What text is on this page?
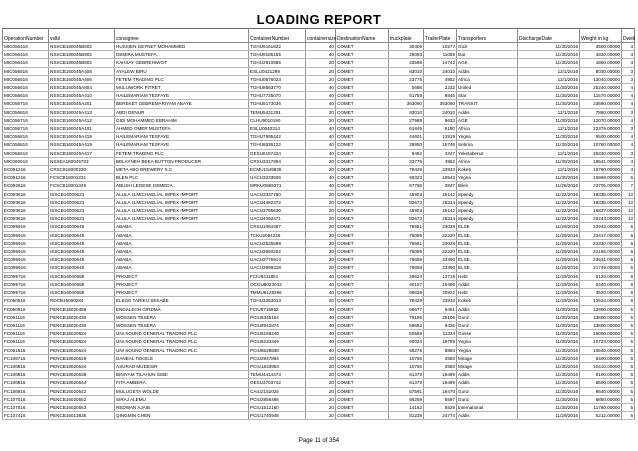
LOADING REPORT
OperationNumber	vslbl	consignee	ContainerNumber	containersize	DestinationName	truckplate	TrailerPlate	Transporters	DischargeDate	Weight in kg	Dwell
MIC056416	NSSCB160045B602	HUSSIEN GETNET MOHAMMED	TGHU6161822	40	COMET	30406	10277	Gozi	11/30/2016	4500.00000	4
MIC056416	NSSCB160045B902	DEMIRA MUSTEFA	TGHU9185155	40	COMET	26093	11055	Dar	11/30/2016	4830.00000	4
MIC056416	NSSCB160045B802	KAHSAY GEBREHIWOT	TGHU2910985	20	COMET	43598	14742	AGK	11/30/2016	1860.00000	4
MIC056516	NSSCB160045A408	AYALEW BIRU	ESLU0421299	20	COMET	83010	24010	Addis	12/1/2016	8030.00000	3
MIC056516	NSSCB160045A406	FETEM TRADING PLC	TGHU0676023	20	COMET	23776	4952	Africa	12/1/2016	13040.00000	3
MIC056616	NSSCB160045A804	MULUWORK FITRET	TGHU8683770	40	COMET	5668	2232	United	11/30/2016	25240.00000	4
MIC056616	NSSCB160045A410	HAILEMARIAM TESFAYE	TGHU7725070	40	COMET	61758	8845	Star	11/30/2016	11570.00000	4
MIC056716	NSSCB160045A201	BEREKET GEBREMARIYAM ABAYE	TGHU8173036	40	COMET	363060	363060	TRANSIT	11/30/2016	23690.00000	4
MIC056816	NSSCB160045A413	ABDI DENUR	TEMU5431201	20	COMET	83010	24010	Addis	12/1/2016	7880.00000	3
MIC056716	NSSCB160045A412	GIDI MOHAMMED EBRAHIM	CLHU9010190	20	COMET	27588	6633	AGE	11/30/2016	12070.00000	4
MIC056716	NSSCB160045A101	AHMED OMER MUSTEFA	ESLU0840314	40	COMET	61845	9150	Africa	12/1/2016	22379.00000	3
MIC056816	NSSCB160045A419	HAILEMARIAM TESFAYE	TGHU7695442	40	COMET	44601	13919	Yegna	11/30/2016	9500.00000	4
MIC056816	NSSCB160045A419	HAILEMARIAM TESFAYE	TGHU8036122	40	COMET	28950	15746	Sebrna	11/30/2016	10760.00000	4
MIC056616	NSSCB160045A417	FETEM TRADING PLC	GESU6157434	40	COMET	9452	4347	Yeketabenut	12/1/2016	25330.00000	3
MIC060516	NSSEA160045703	BELAYNEH BEKA BUTTON PRODUCER	CRXU3317894	20	COMET	23776	4952	Africa	11/30/2016	19541.00000	4
EC091216	CRSC816000230	META ABO BREWERY S.C	ECMU1549836	20	COMET	78429	23933	Kokeb	12/1/2016	18780.00000	4
EC091216	FCSCB16001231	BLEN PLC	UACU3233506	40	COMET	69323	15543	Yegna	11/30/2016	16968.00000	6
EC092616	FCSCB16001349	ABUSH LEGESE GEMEDA	MRKU0669371	40	COMET	67765	3947	Bilen	11/28/2016	23705.00000	7
EC093616	ISSCB16000623	ALULA G.MICHAEL/AL IMPEX IMPORT	UACU3337760	20	COMET	45903	15142	Speedy	11/22/2016	19335.00000	13
EC093616	ISSCB16000623	ALULA G.MICHAEL/AL IMPEX IMPORT	UACU4482372	20	COMET	82673	25314	Speedy	11/22/2016	19335.00000	13
EC093616	ISSCB16000623	ALULA G.MICHAEL/AL IMPEX IMPORT	UACU3795630	20	COMET	45903	15142	Speedy	11/22/2016	16827.00000	13
EC093616	ISSCB16000623	ALULA G.MICHAEL/AL IMPEX IMPORT	UACU4092471	20	COMET	82673	25314	Speedy	11/22/2016	20244.00000	13
EC095916	ISSCB16000645	ABABA,	CRSU1084487	20	COMET	76551	23028	ELSE	11/29/2016	22943.00000	6
EC095916	ISSCB16000645	ABABA,	TCKU2094226	20	COMET	75095	22230	ELSE	11/29/2016	23417.00000	6
EC095916	ISSCB16000645	ABABA,	UACU2525598	20	COMET	76551	23028	ELSE	11/29/2016	22330.00000	6
EC095916	ISSCB16000645	ABABA,	UACU3650202	20	COMET	75095	22230	ELSE	11/29/2016	22186.00000	6
EC095916	ISSCB16000645	ABABA,	UACU3775914	20	COMET	76658	23390	ELSE	11/29/2016	23531.00000	6
EC095916	ISSCB16000645	ABABA,	UACU3999318	20	COMET	76658	23390	ELSE	11/29/2016	21749.00000	6
EC095716	ISSCB16000658	PROJECT	FCIU9411851	40	COMET	28624	12718	Hebr	11/29/2016	5125.00000	6
EC095716	ISSCB16000658	PROJECT	OCGU8023043	40	COMET	40157	15496	Addis	11/29/2016	5440.00000	6
EC095716	ISSCB16000658	PROJECT	TMMU6128296	40	COMET	69638	20922	Hebr	11/29/2016	3520.00000	6
FC050516	RDCB16000284	ELEGE TARIKU SESABE	TGHU3353013	20	COMET	78429	23933	Kokeb	11/29/2016	13534.00000	6
FC050916	PENCB16020488	ENDALECH GIRDMA	FCIU8715652	40	COMET	60677	6451	Addis	11/30/2016	13900.00000	5
FC061116	PENCB16020430	WOSSEN TESERA	PCIU8345164	40	COMET	79195	25106	Gunz	11/30/2016	13800.00000	5
FC061116	PENCB16020430	WOSSEN TESERA	PCIU8942874	40	COMET	59682	9426	Gunz	11/30/2016	13800.00000	5
FC061116	PENCB16020624	UNI SOUND GENERAL TRADING PLC	PCIU8169240	40	COMET	50568	11324	Gosse	11/30/2016	15000.00000	5
FC061116	PENCB16020624	UNI SOUND GENERAL TRADING PLC	PCIU8233349	40	COMET	60024	19799	Yegna	11/30/2016	10724.00000	5
FC061516	PENCB16020624	UNI SOUND GENERAL TRADING PLC	PCIU8528838	40	COMET	58276	8893	Yegna	11/30/2016	10540.00000	5
FC106716	PENCB16020529	DANEAL TEKELE	PCIU2947884	20	COMET	10755	3583	Mirage	11/30/2016	8400.00000	5
FC106816	PENCB16020534	ASURAD MUDESIR	PCIU1833953	20	COMET	10755	3583	Mirage	11/30/2016	10410.00000	5
FC106816	PENCB16020538	BINIYAM TILAHUN GEBI	TEMU4414473	20	COMET	61379	18499	Addis	11/30/2016	8100.00000	5
FC106816	PENCB16020544	FITA AMBERA	GESU3703742	20	COMET	61379	18499	Addis	11/30/2016	8500.00000	5
FC106916	PENCB16020542	MULUGETA WOLDE	CAIU2152025	20	COMET	57591	18470	Gunz	11/30/2016	8640.00000	5
FC107016	PENCB16020552	SIRAJ ALEMU	PCIU2856486	20	COMET	66259	5597	Gunz	11/30/2016	6850.00000	5
FC107016	PENCB16020553	REDWAN AJAIB	PCIU1512160	20	COMET	14162	5529	International	11/30/2016	11780.00000	5
FC107416	PENCB16013835	QINGMIN CHEN	PCIU1740948	20	COMET	81239	24774	Addis	11/29/2016	6212.00000	6
Page 11 of 354
